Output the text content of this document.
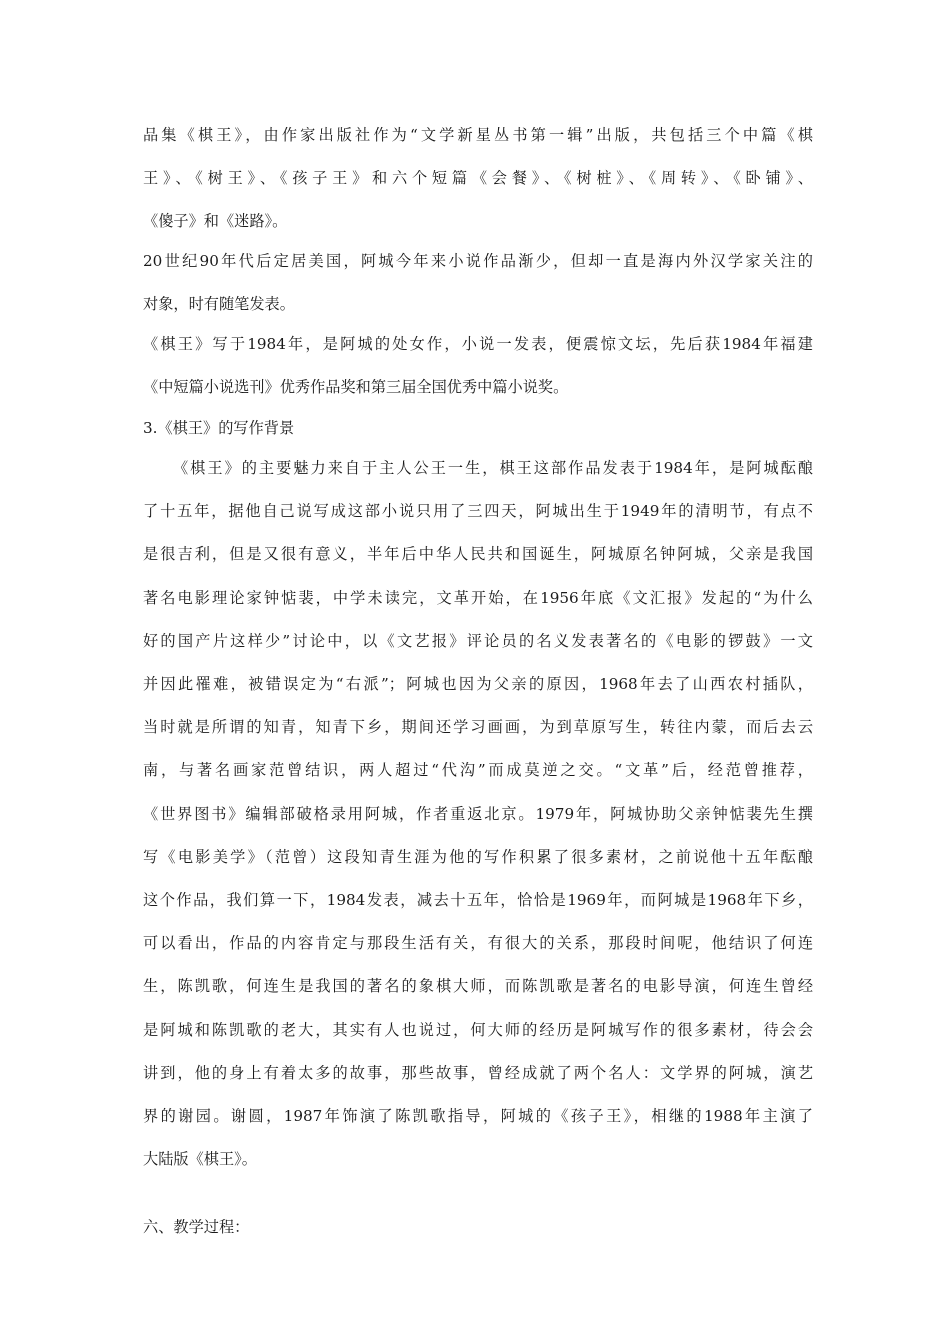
品集《棋王》，由作家出版社作为“文学新星丛书第一辑”出版，共包括三个中篇《棋
王》、《树王》、《孩子王》和六个短篇《会餐》、《树桩》、《周转》、《卧铺》、
《傻子》和《迷路》。
20世纪90年代后定居美国，阿城今年来小说作品渐少，但却一直是海内外汉学家关注的
对象，时有随笔发表。
《棋王》写于1984年，是阿城的处女作，小说一发表，便震惊文坛，先后获1984年福建
《中短篇小说选刊》优秀作品奖和第三届全国优秀中篇小说奖。
3.《棋王》的写作背景
《棋王》的主要魅力来自于主人公王一生，棋王这部作品发表于1984年，是阿城酝酿
了十五年，据他自己说写成这部小说只用了三四天，阿城出生于1949年的清明节，有点不
是很吉利，但是又很有意义，半年后中华人民共和国诞生，阿城原名钟阿城，父亲是我国
著名电影理论家钟惦裴，中学未读完，文革开始，在1956年底《文汇报》发起的“为什么
好的国产片这样少”讨论中，以《文艺报》评论员的名义发表著名的《电影的锣鼓》一文
并因此罹难，被错误定为“右派”；阿城也因为父亲的原因，1968年去了山西农村插队，
当时就是所谓的知青，知青下乡，期间还学习画画，为到草原写生，转往内蒙，而后去云
南，与著名画家范曾结识，两人超过“代沟”而成莫逆之交。“文革”后，经范曾推荐，
《世界图书》编辑部破格录用阿城，作者重返北京。1979年，阿城协助父亲钟惦裴先生撰
写《电影美学》（范曾）这段知青生涯为他的写作积累了很多素材，之前说他十五年酝酿
这个作品，我们算一下，1984发表，减去十五年，恰恰是1969年，而阿城是1968年下乡，
可以看出，作品的内容肯定与那段生活有关，有很大的关系，那段时间呢，他结识了何连
生，陈凯歌，何连生是我国的著名的象棋大师，而陈凯歌是著名的电影导演，何连生曾经
是阿城和陈凯歌的老大，其实有人也说过，何大师的经历是阿城写作的很多素材，待会会
讲到，他的身上有着太多的故事，那些故事，曾经成就了两个名人：文学界的阿城，演艺
界的谢园。谢圆，1987年饰演了陈凯歌指导，阿城的《孩子王》，相继的1988年主演了
大陆版《棋王》。
六、教学过程：
